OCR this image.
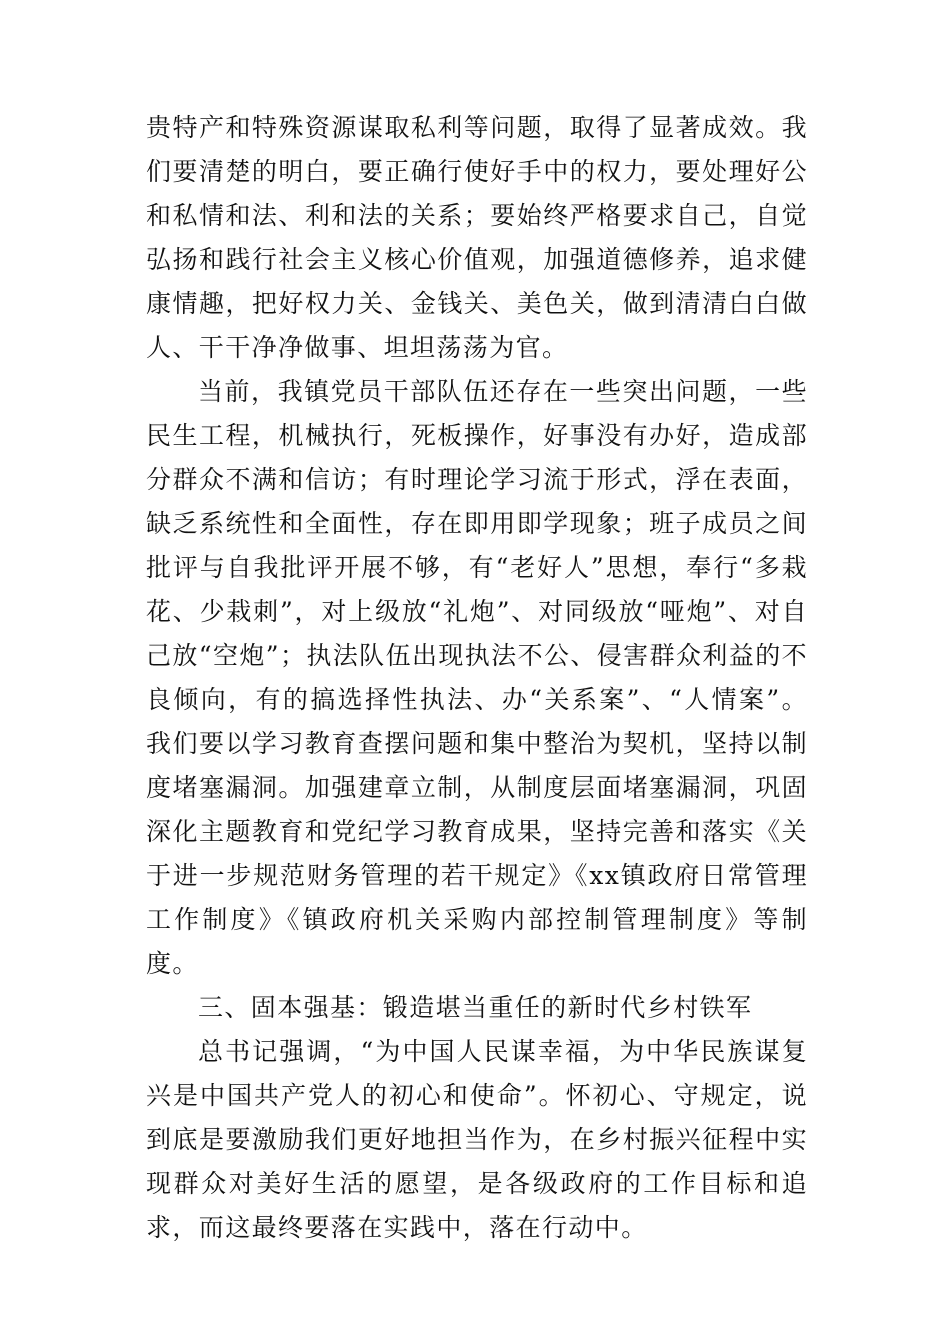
贵特产和特殊资源谋取私利等问题，取得了显著成效。我们要清楚的明白，要正确行使好手中的权力，要处理好公和私情和法、利和法的关系；要始终严格要求自己，自觉弘扬和践行社会主义核心价值观，加强道德修养，追求健康情趣，把好权力关、金钱关、美色关，做到清清白白做人、干干净净做事、坦坦荡荡为官。

当前，我镇党员干部队伍还存在一些突出问题，一些民生工程，机械执行，死板操作，好事没有办好，造成部分群众不满和信访；有时理论学习流于形式，浮在表面，缺乏系统性和全面性，存在即用即学现象；班子成员之间批评与自我批评开展不够，有“老好人”思想，奉行“多栽花、少栽刺”，对上级放“礼炮”、对同级放“哑炮”、对自己放“空炮”；执法队伍出现执法不公、侵害群众利益的不良倾向，有的搞选择性执法、办“关系案”、“人情案”。我们要以学习教育查摆问题和集中整治为契机，坚持以制度堵塞漏洞。加强建章立制，从制度层面堵塞漏洞，巩固深化主题教育和党纪学习教育成果，坚持完善和落实《关于进一步规范财务管理的若干规定》《xx镇政府日常管理工作制度》《镇政府机关采购内部控制管理制度》等制度。

三、固本强基：锻造堪当重任的新时代乡村铁军

总书记强调，“为中国人民谋幸福，为中华民族谋复兴是中国共产党人的初心和使命”。怀初心、守规定，说到底是要激励我们更好地担当作为，在乡村振兴征程中实现群众对美好生活的愿望，是各级政府的工作目标和追求，而这最终要落在实践中，落在行动中。
